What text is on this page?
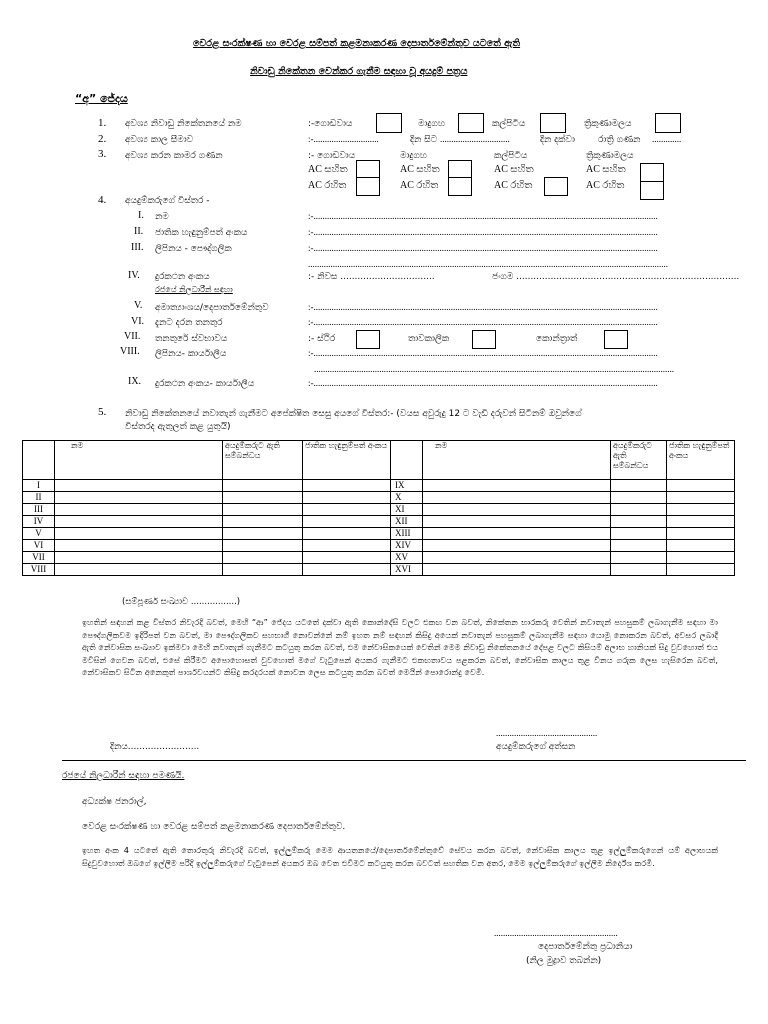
වෙරළ සංරක්ෂණ හා වෙරළ සම්පත් කළමනාකරණ දෙපාර්තමේන්තුව යටතේ ඇති
නිවාඩු නිකේතන වෙන්කර ගැනීම සඳහා වූ අයදුම් පත්‍රය
“අ” ජේදය
1. අවශ්‍ය නිවාඩු නිකේතනයේ නම	:-ගොඩවාය	මාදුගහ	කල්පිටිය	ත්‍රිකුණාමලය
2. අවශ්‍ය කාල සීමාව	:-.............................	දින සිට ...............................	දින දක්වා	රාත්‍රි ගණන .............
3. අවශ්‍ය කරන කාමර ගණන	:- ගොඩවාය	මාදුගහ	කල්පිටිය	ත්‍රිකුණාමලය
AC සහිත	AC සහිත	AC සහිත	AC සහිත
AC රහිත	AC රහිත	AC රහිත	AC රහිත
4. අයදුම්කරුගේ විස්තර -
I. නම	:-.........................................................................................................................................................
II. ජාතික හැඳුනුම්පත් අංකය	:-.........................................................................................................................................................
III. ලිපිනය - පෞද්ගලික	:-.........................................................................................................................................................
................................................................................................................................................................
IV. දුරකථන අංකය	:- නිවස .................................	ජංගම ..............................................................................
රජයේ නිලධාරීන් සඳහා
V. අමාත්‍යාංශය/දෙපාර්තමේන්තුව	:-.........................................................................................................................................................
VI. දැනට දරන තනතුර	:-.........................................................................................................................................................
VII. තනතුරේ ස්වභාවය	:- ස්ථිර	තාවකාලික	කොන්ත්‍රාත්
VIII. ලිපිනය- කාර්යාලීය	:-.........................................................................................................................................................
................................................................................................................................................................
IX. දුරකථන අංකය- කාර්යාලීය	:-.........................................................................................................................................................
5. නිවාඩු නිකේතනයේ නවාතැන් ගැනීමට අපේක්ෂිත සෙසු අයගේ විස්තර:- (වයස අවුරුදු 12 ට වැඩි දරුවන් සිටීනම් ඔවුන්ගේ
විස්තරද ඇතුලත් කළ යුතුයි)
	නම	අයදුම්කරුට ඇති සම්බන්ධය	ජාතික හැඳුනුම්පත් අංකය		නම	අයදුම්කරුට ඇති සම්බන්ධය	ජාතික හැඳුනුම්පත් අංකය
I				IX			
II				X			
III				XI			
IV				XII			
V				XIII			
VI				XIV			
VII				XV			
VIII				XVI			
(සම්පූර්ණ සංඛ්‍යාව .................)
ඉහතින් සඳහන් කළ විස්තර නිවැරදි බවත්, මෙහි “ආ” ජේදය යටතේ දක්වා ඇති කොන්දේසි වලට එකඟ වන බවත්, නිකේතන භාරකරු වෙතින් නවාතැන් පහසුකම් ලබාගැනීම සඳහා මා පෞද්ගලිකවම ඉදිරිපත් වන බවත්, මා පෞද්ගලිකව සහභාගී නොවන්නේ නම් ඉහත නම් සඳහන් කිසිදු අයෙක් නවාතැන් පහසුකම් ලබාගැනීම සඳහා යොමු නොකරන බවත්, අවසර ලබාදී ඇති නේවාසික සංඛ්‍යාව ඉක්මවා මෙහි නවාතැන් ගැනීමට කටයුතු කරන බවත්, එම නේවාසිකයෙක් වෙතින් මෙම නිවාඩු නිකේතනයේ දේපළ වලට කිසියම් අලාභ හානියක් සිදු වුවහොත් එය මවිසින් ගෙවන බවත්, එසේ කිරීමට අපොහොසත් වුවහොත් මගේ වැටුපෙන් අයකර ගැනීමට එකඟතාවය පළකරන බවත්, නේවාසික කාලය තුළ විනය ගරුක ලෙස හැසිරෙන බවත්, නේවාසිකව සිටින අනෙකුත් පාර්ශවයන්ට කිසිදු කරදරයක් නොවන ලෙස කටයුතු කරන බවත් මෙයින් පොරොන්දු වෙමි.
.............................................
දිනය.........................	අයදුම්කරුගේ අත්සන
රජයේ නිලධාරීන් සඳහා පමණයි.
අධ්‍යක්ෂ ජනරාල්,
වෙරළ සංරක්ෂණ හා වෙරළ සම්පත් කළමනාකරණ දෙපාර්තමේන්තුව.
ඉහත අංක 4 යටතේ ඇති තොරතුරු නිවැරදි බවත්, ඉල්ලුම්කරු මෙම ආයතනයේ/දෙපාර්තමේන්තුවේ සේවය කරන බවත්, නේවාසික කාලය තුළ ඉල්ලුම්කරුගෙන් යම් අලාභයක් සිදුවුවහොත් ඔබගේ ඉල්ලීම පරිදි ඉල්ලුම්කරුගේ වැටුපෙන් අයකර ඔබ වෙත එවීමට කටයුතු කරන බවටත් සහතික වන අතර, මෙම ඉල්ලුම්කරුගේ ඉල්ලීම නිර්දේශ කරමි.
.......................................................
දෙපාර්තමේන්තු ප්‍රධානියා
(නිල මුද්‍රාව තබන්න)
